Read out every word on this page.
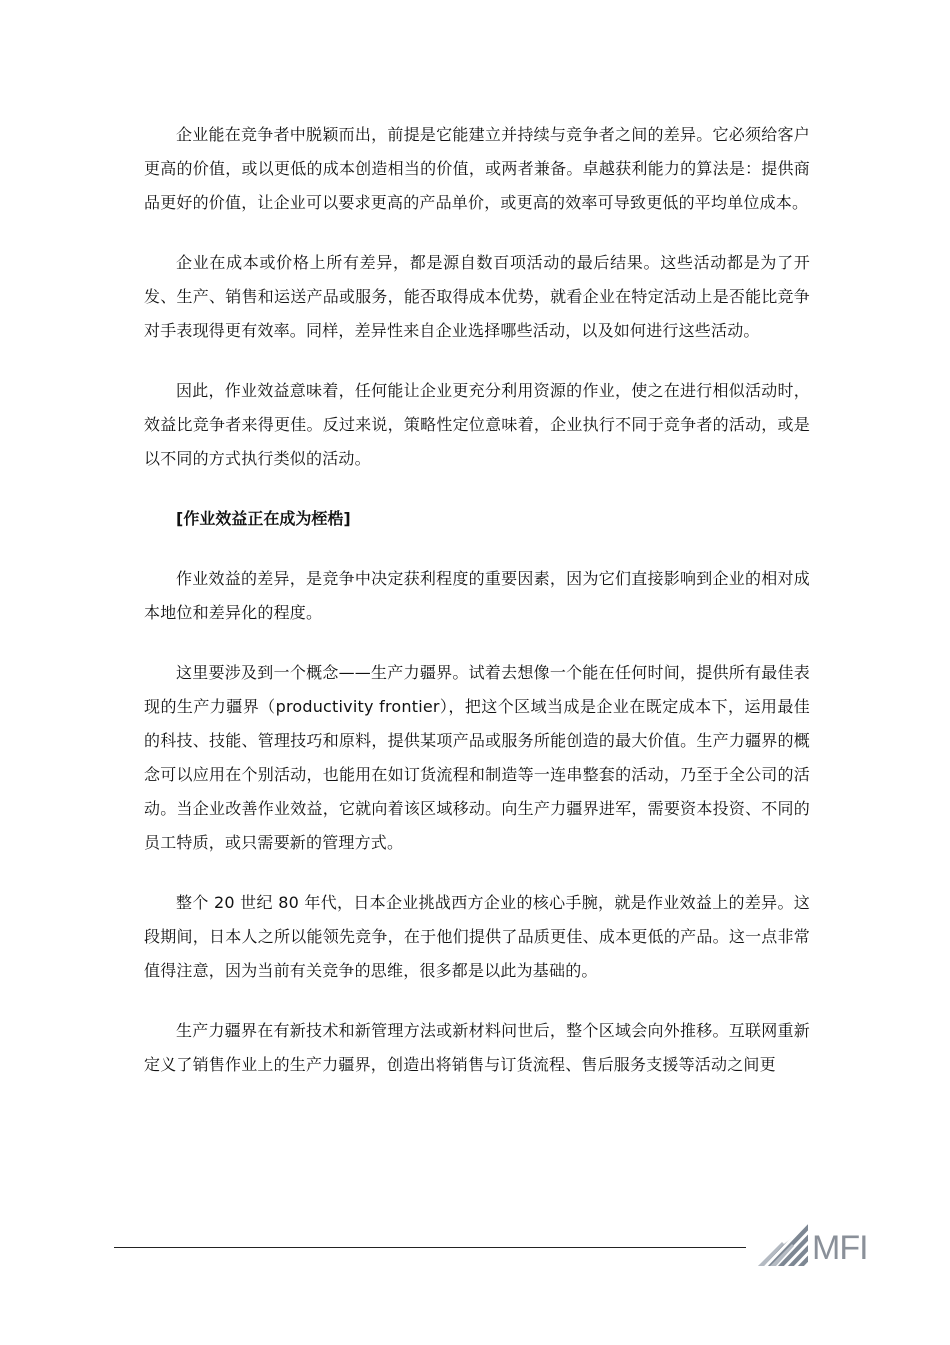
企业能在竞争者中脱颖而出，前提是它能建立并持续与竞争者之间的差异。它必须给客户更高的价值，或以更低的成本创造相当的价值，或两者兼备。卓越获利能力的算法是：提供商品更好的价值，让企业可以要求更高的产品单价，或更高的效率可导致更低的平均单位成本。

企业在成本或价格上所有差异，都是源自数百项活动的最后结果。这些活动都是为了开发、生产、销售和运送产品或服务，能否取得成本优势，就看企业在特定活动上是否能比竞争对手表现得更有效率。同样，差异性来自企业选择哪些活动，以及如何进行这些活动。

因此，作业效益意味着，任何能让企业更充分利用资源的作业，使之在进行相似活动时，效益比竞争者来得更佳。反过来说，策略性定位意味着，企业执行不同于竞争者的活动，或是以不同的方式执行类似的活动。

[作业效益正在成为桎梏]

作业效益的差异，是竞争中决定获利程度的重要因素，因为它们直接影响到企业的相对成本地位和差异化的程度。

这里要涉及到一个概念——生产力疆界。试着去想像一个能在任何时间，提供所有最佳表现的生产力疆界（productivity frontier），把这个区域当成是企业在既定成本下，运用最佳的科技、技能、管理技巧和原料，提供某项产品或服务所能创造的最大价值。生产力疆界的概念可以应用在个别活动，也能用在如订货流程和制造等一连串整套的活动，乃至于全公司的活动。当企业改善作业效益，它就向着该区域移动。向生产力疆界进军，需要资本投资、不同的员工特质，或只需要新的管理方式。

整个 20 世纪 80 年代，日本企业挑战西方企业的核心手腕，就是作业效益上的差异。这段期间，日本人之所以能领先竞争，在于他们提供了品质更佳、成本更低的产品。这一点非常值得注意，因为当前有关竞争的思维，很多都是以此为基础的。

生产力疆界在有新技术和新管理方法或新材料问世后，整个区域会向外推移。互联网重新定义了销售作业上的生产力疆界，创造出将销售与订货流程、售后服务支援等活动之间更

MFI
